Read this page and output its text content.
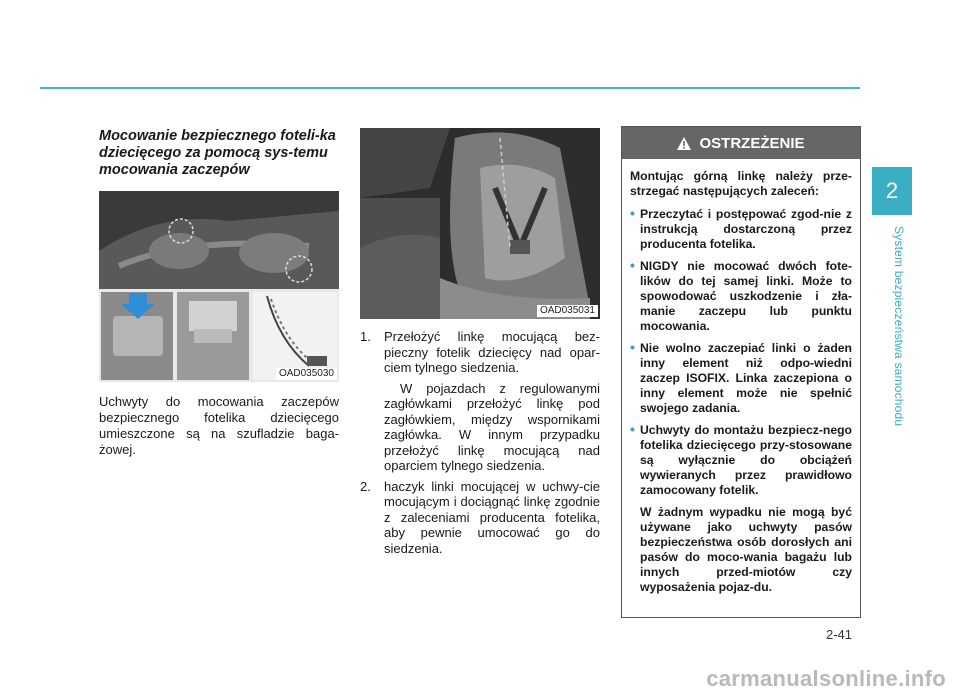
Mocowanie bezpiecznego foteli-ka dziecięcego za pomocą sys-temu mocowania zaczepów

OAD035030

Uchwyty do mocowania zaczepów bezpiecznego fotelika dziecięcego umieszczone są na szufladzie baga-żowej.

OAD035031
1. Przełożyć linkę mocującą bez-pieczny fotelik dziecięcy nad opar-ciem tylnego siedzenia.

W pojazdach z regulowanymi zagłówkami przełożyć linkę pod zagłówkiem, między wspornikami zagłówka. W innym przypadku przełożyć linkę mocującą nad oparciem tylnego siedzenia.

2. haczyk linki mocującej w uchwy-cie mocującym i dociągnąć linkę zgodnie z zaleceniami producenta fotelika, aby pewnie umocować go do siedzenia.

OSTRZEŻENIE

Montując górną linkę należy prze-strzegać następujących zaleceń:

• Przeczytać i postępować zgod-nie z instrukcją dostarczoną przez producenta fotelika.
• NIGDY nie mocować dwóch fote-lików do tej samej linki. Może to spowodować uszkodzenie i zła-manie zaczepu lub punktu mocowania.
• Nie wolno zaczepiać linki o żaden inny element niż odpo-wiedni zaczep ISOFIX. Linka zaczepiona o inny element może nie spełnić swojego zadania.
• Uchwyty do montażu bezpiecz-nego fotelika dziecięcego przy-stosowane są wyłącznie do obciążeń wywieranych przez prawidłowo zamocowany fotelik.

W żadnym wypadku nie mogą być używane jako uchwyty pasów bezpieczeństwa osób dorosłych ani pasów do moco-wania bagażu lub innych przed-miotów czy wyposażenia pojaz-du.

2
System bezpieczeństwa samochodu
2-41
carmanualsonline.info
